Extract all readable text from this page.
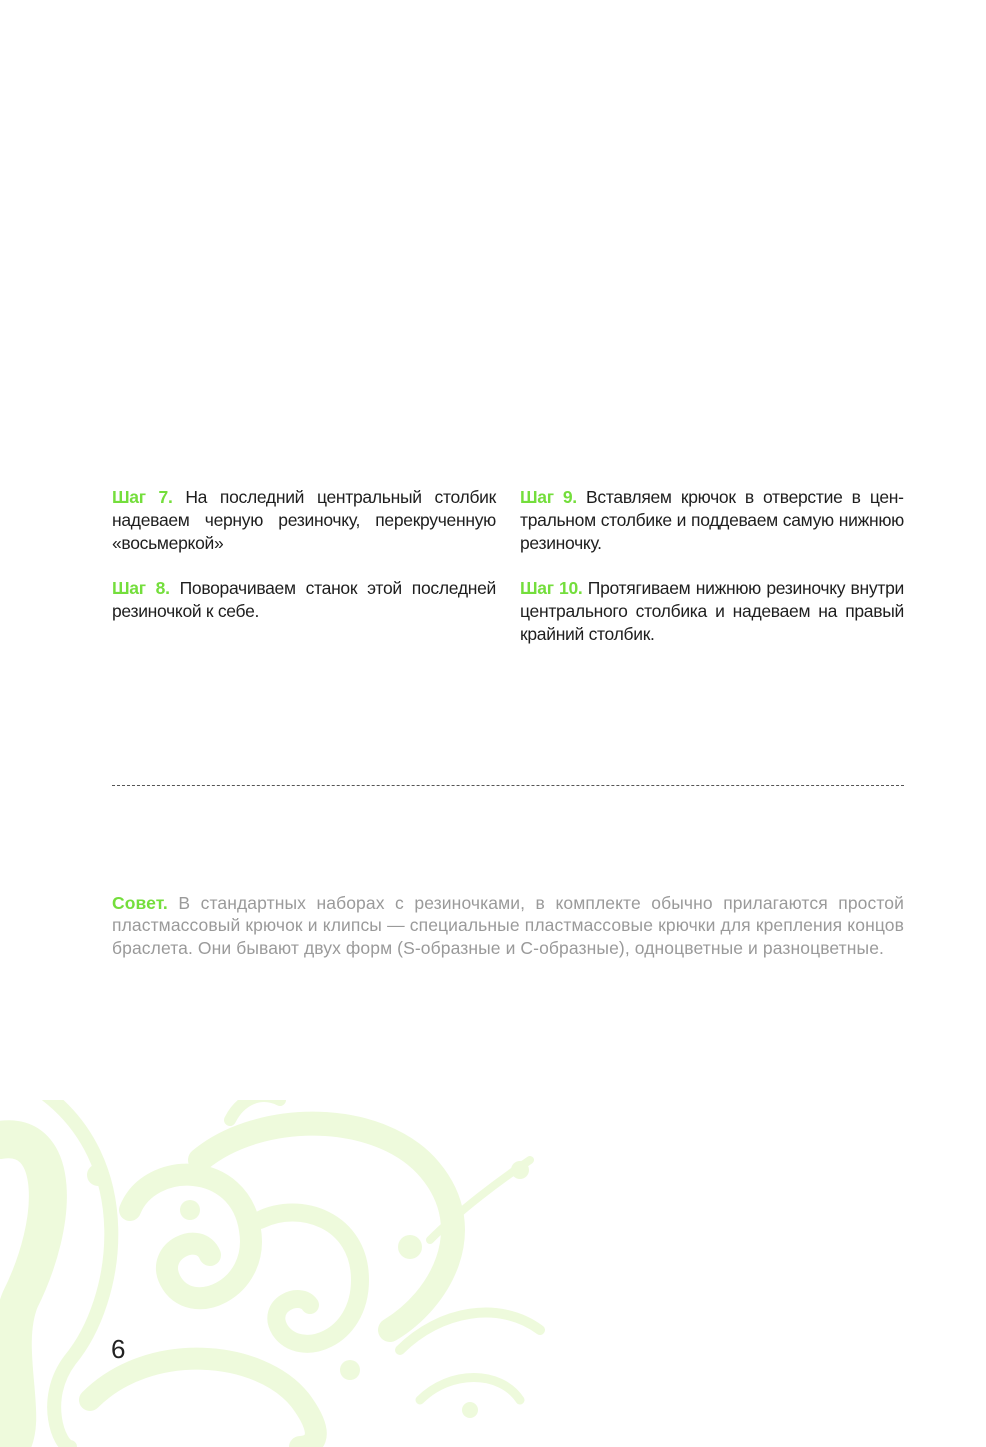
Шаг 7. На последний центральный столбик надеваем черную резиночку, перекрученную «восьмеркой»

Шаг 8. Поворачиваем станок этой последней резиночкой к себе.

Шаг 9. Вставляем крючок в отверстие в центральном столбике и поддеваем самую нижнюю резиночку.

Шаг 10. Протягиваем нижнюю резиночку внутри центрального столбика и надеваем на правый крайний столбик.

Совет. В стандартных наборах с резиночками, в комплекте обычно прилагаются простой пластмассовый крючок и клипсы — специальные пластмассовые крючки для крепления концов браслета. Они бывают двух форм (S-образные и С-образные), одноцветные и разноцветные.

6
